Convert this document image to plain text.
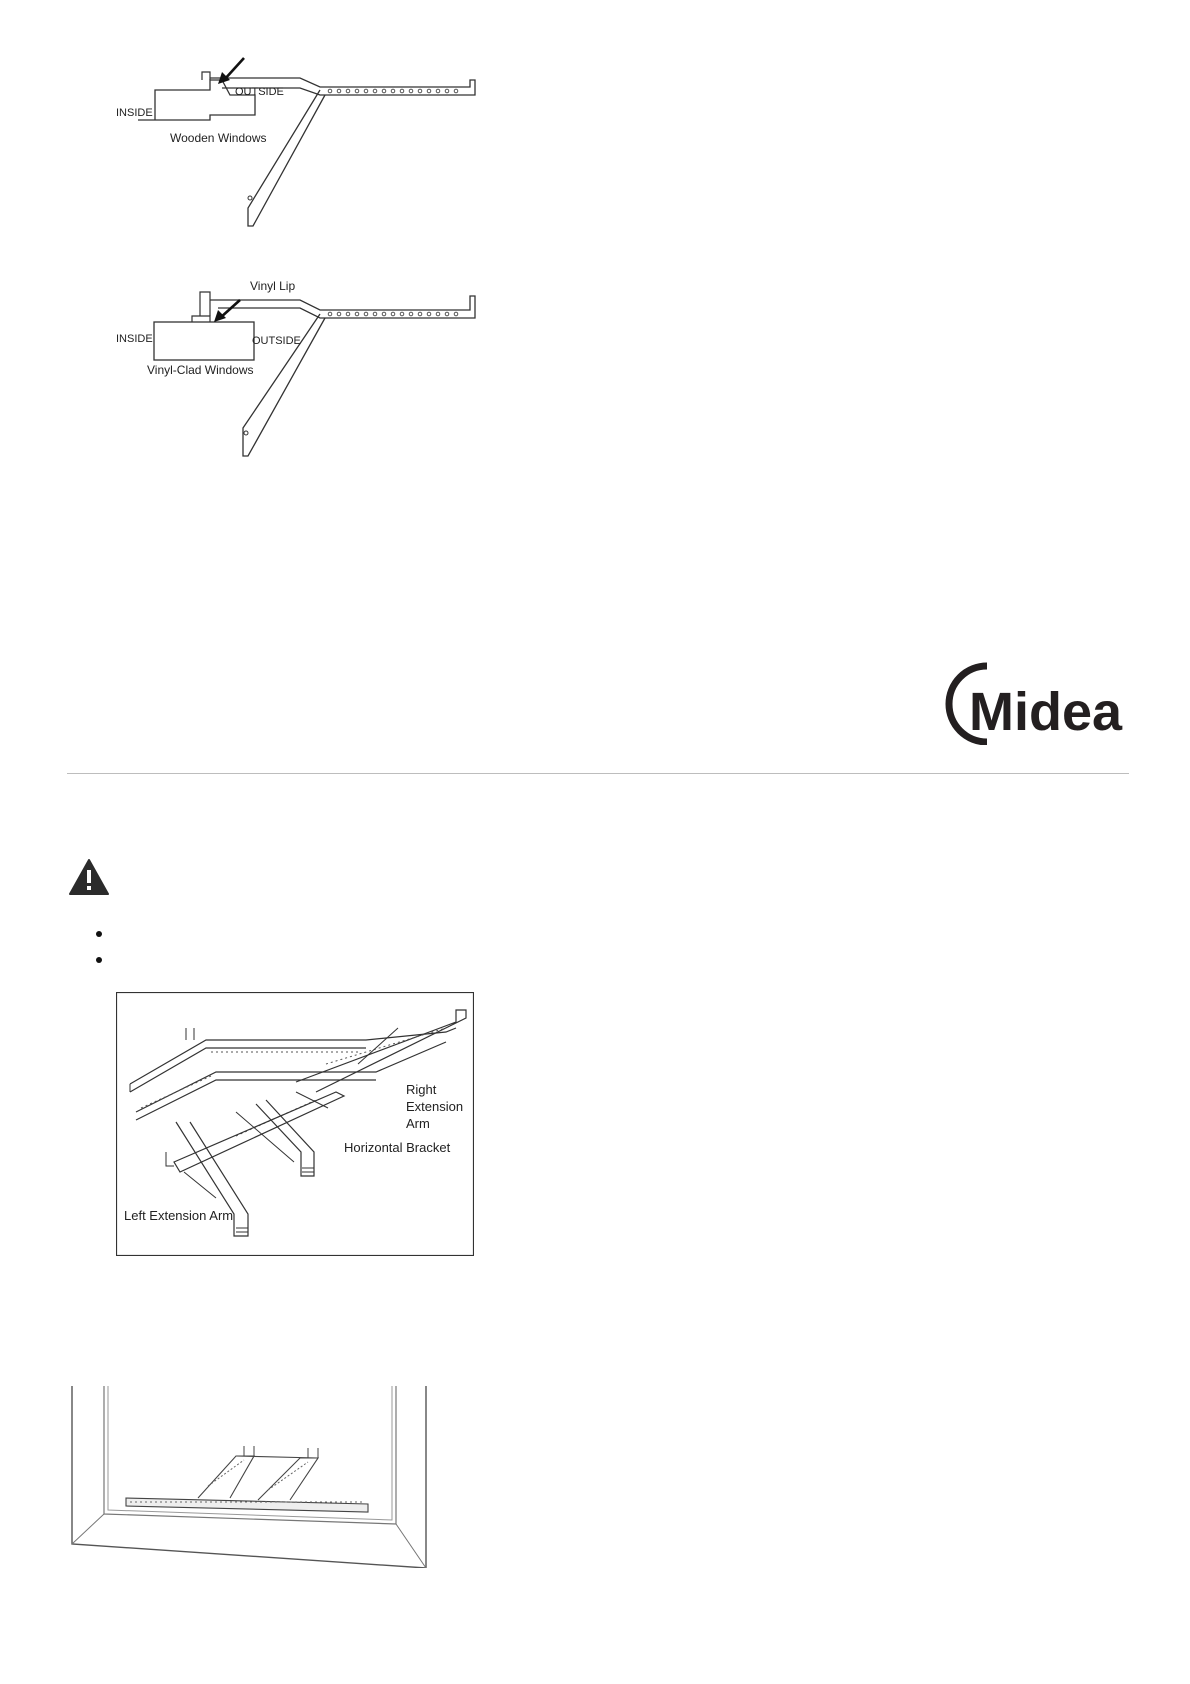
OUTSIDE
INSIDE
Wooden Windows
Vinyl Lip
INSIDE	OUTSIDE
Vinyl-Clad Windows
Midea
Right
Extension
Arm
Horizontal Bracket
Left Extension Arm
